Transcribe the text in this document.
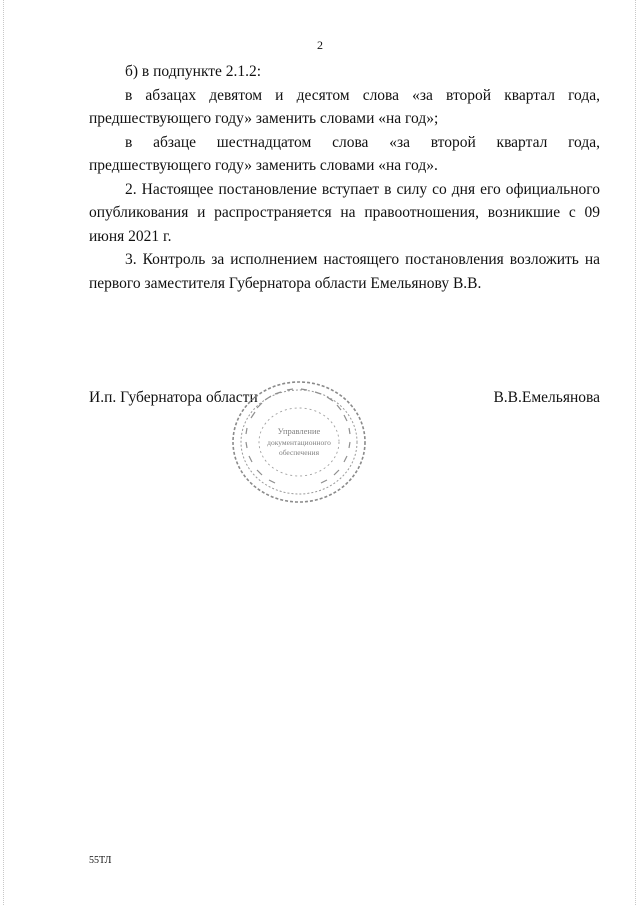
2

б) в подпункте 2.1.2:

в абзацах девятом и десятом слова «за второй квартал года, предшествующего году» заменить словами «на год»;

в абзаце шестнадцатом слова «за второй квартал года, предшествующего году» заменить словами «на год».

2. Настоящее постановление вступает в силу со дня его официального опубликования и распространяется на правоотношения, возникшие с 09 июня 2021 г.

3. Контроль за исполнением настоящего постановления возложить на первого заместителя Губернатора области Емельянову В.В.

И.п. Губернатора области	В.В.Емельянова
Управление
документационного
обеспечения
55ТЛ
